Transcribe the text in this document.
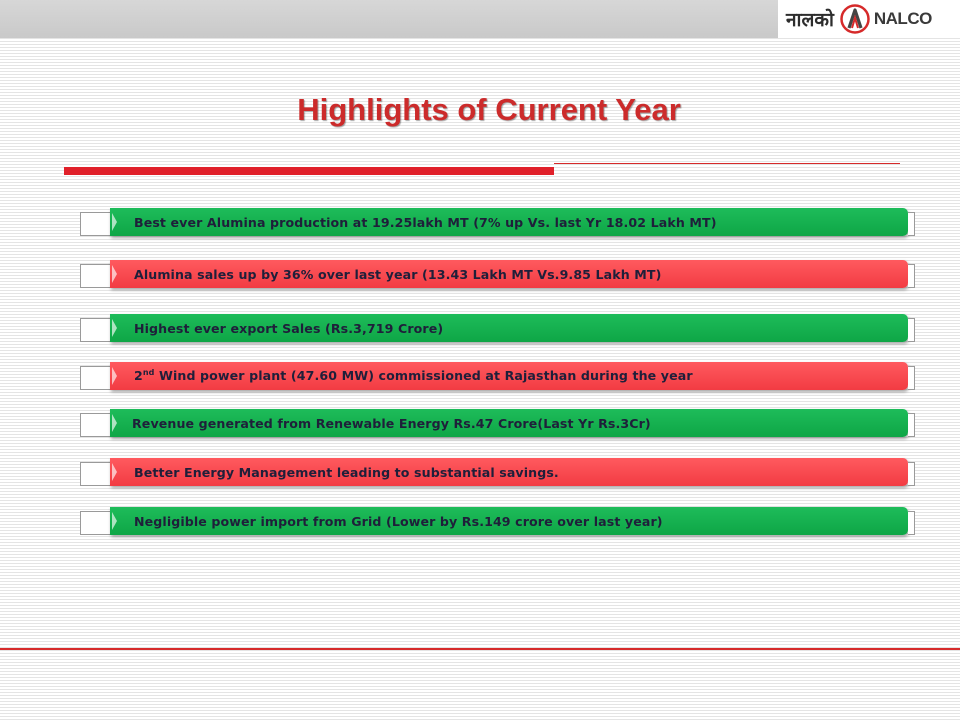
नालको NALCO
Highlights of Current Year
Best ever Alumina production at 19.25lakh MT (7% up Vs. last Yr 18.02 Lakh MT)
Alumina sales up by 36% over last year (13.43 Lakh MT Vs.9.85 Lakh MT)
Highest ever export Sales (Rs.3,719 Crore)
2nd Wind power plant (47.60 MW) commissioned at Rajasthan during the year
Revenue generated from Renewable Energy Rs.47 Crore(Last Yr Rs.3Cr)
Better Energy Management leading to substantial savings.
Negligible power import from Grid (Lower by Rs.149 crore over last year)
